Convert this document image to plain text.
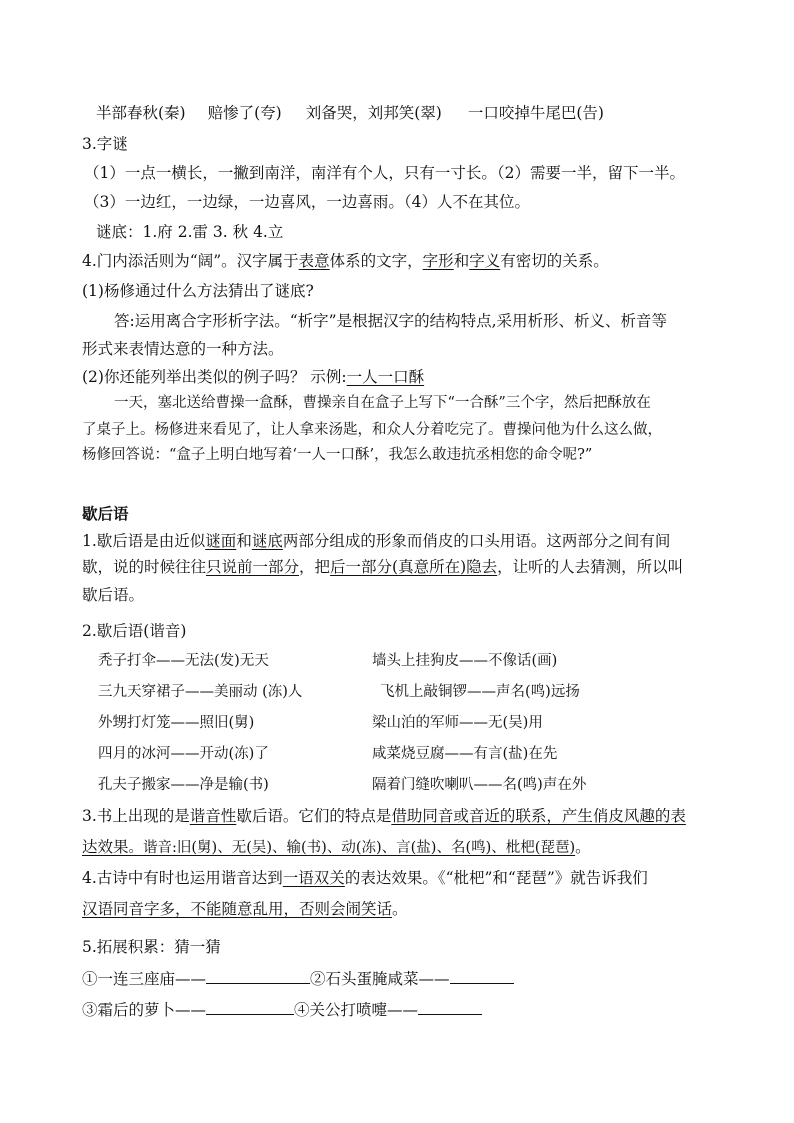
半部春秋(秦) 赔惨了(夸) 刘备哭，刘邦笑(翠) 一口咬掉牛尾巴(告)
3.字谜
（1）一点一横长，一撇到南洋，南洋有个人，只有一寸长。（2）需要一半，留下一半。
（3）一边红，一边绿，一边喜风，一边喜雨。（4）人不在其位。
谜底：1.府 2.雷 3. 秋 4.立
4.门内添活则为“阔”。汉字属于表意体系的文字，字形和字义有密切的关系。
(1)杨修通过什么方法猜出了谜底?
答:运用离合字形析字法。“析字”是根据汉字的结构特点,采用析形、析义、析音等
形式来表情达意的一种方法。
(2)你还能列举出类似的例子吗？ 示例:一人一口酥
一天，塞北送给曹操一盒酥，曹操亲自在盒子上写下“一合酥”三个字，然后把酥放在
了桌子上。杨修进来看见了，让人拿来汤匙，和众人分着吃完了。曹操问他为什么这么做，
杨修回答说：“盒子上明白地写着‘一人一口酥’，我怎么敢违抗丞相您的命令呢?”
歇后语
1.歇后语是由近似谜面和谜底两部分组成的形象而俏皮的口头用语。这两部分之间有间
歇，说的时候往往只说前一部分，把后一部分(真意所在)隐去，让听的人去猜测，所以叫
歇后语。
2.歇后语(谐音)
秃子打伞——无法(发)无天	墙头上挂狗皮——不像话(画)
三九天穿裙子——美丽动 (冻)人	飞机上敲铜锣——声名(鸣)远扬
外甥打灯笼——照旧(舅)	梁山泊的军师——无(吴)用
四月的冰河——开动(冻)了	咸菜烧豆腐——有言(盐)在先
孔夫子搬家——净是输(书)	隔着门缝吹喇叭——名(鸣)声在外
3.书上出现的是谐音性歇后语。它们的特点是借助同音或音近的联系，产生俏皮风趣的表
达效果。谐音:旧(舅)、无(吴)、输(书)、动(冻)、言(盐)、名(鸣)、枇杷(琵琶)。
4.古诗中有时也运用谐音达到一语双关的表达效果。《“枇杷”和“琵琶”》就告诉我们
汉语同音字多，不能随意乱用，否则会闹笑话。
5.拓展积累：猜一猜
①一连三座庙——	②石头蛋腌咸菜——
③霜后的萝卜——	④关公打喷嚏——
